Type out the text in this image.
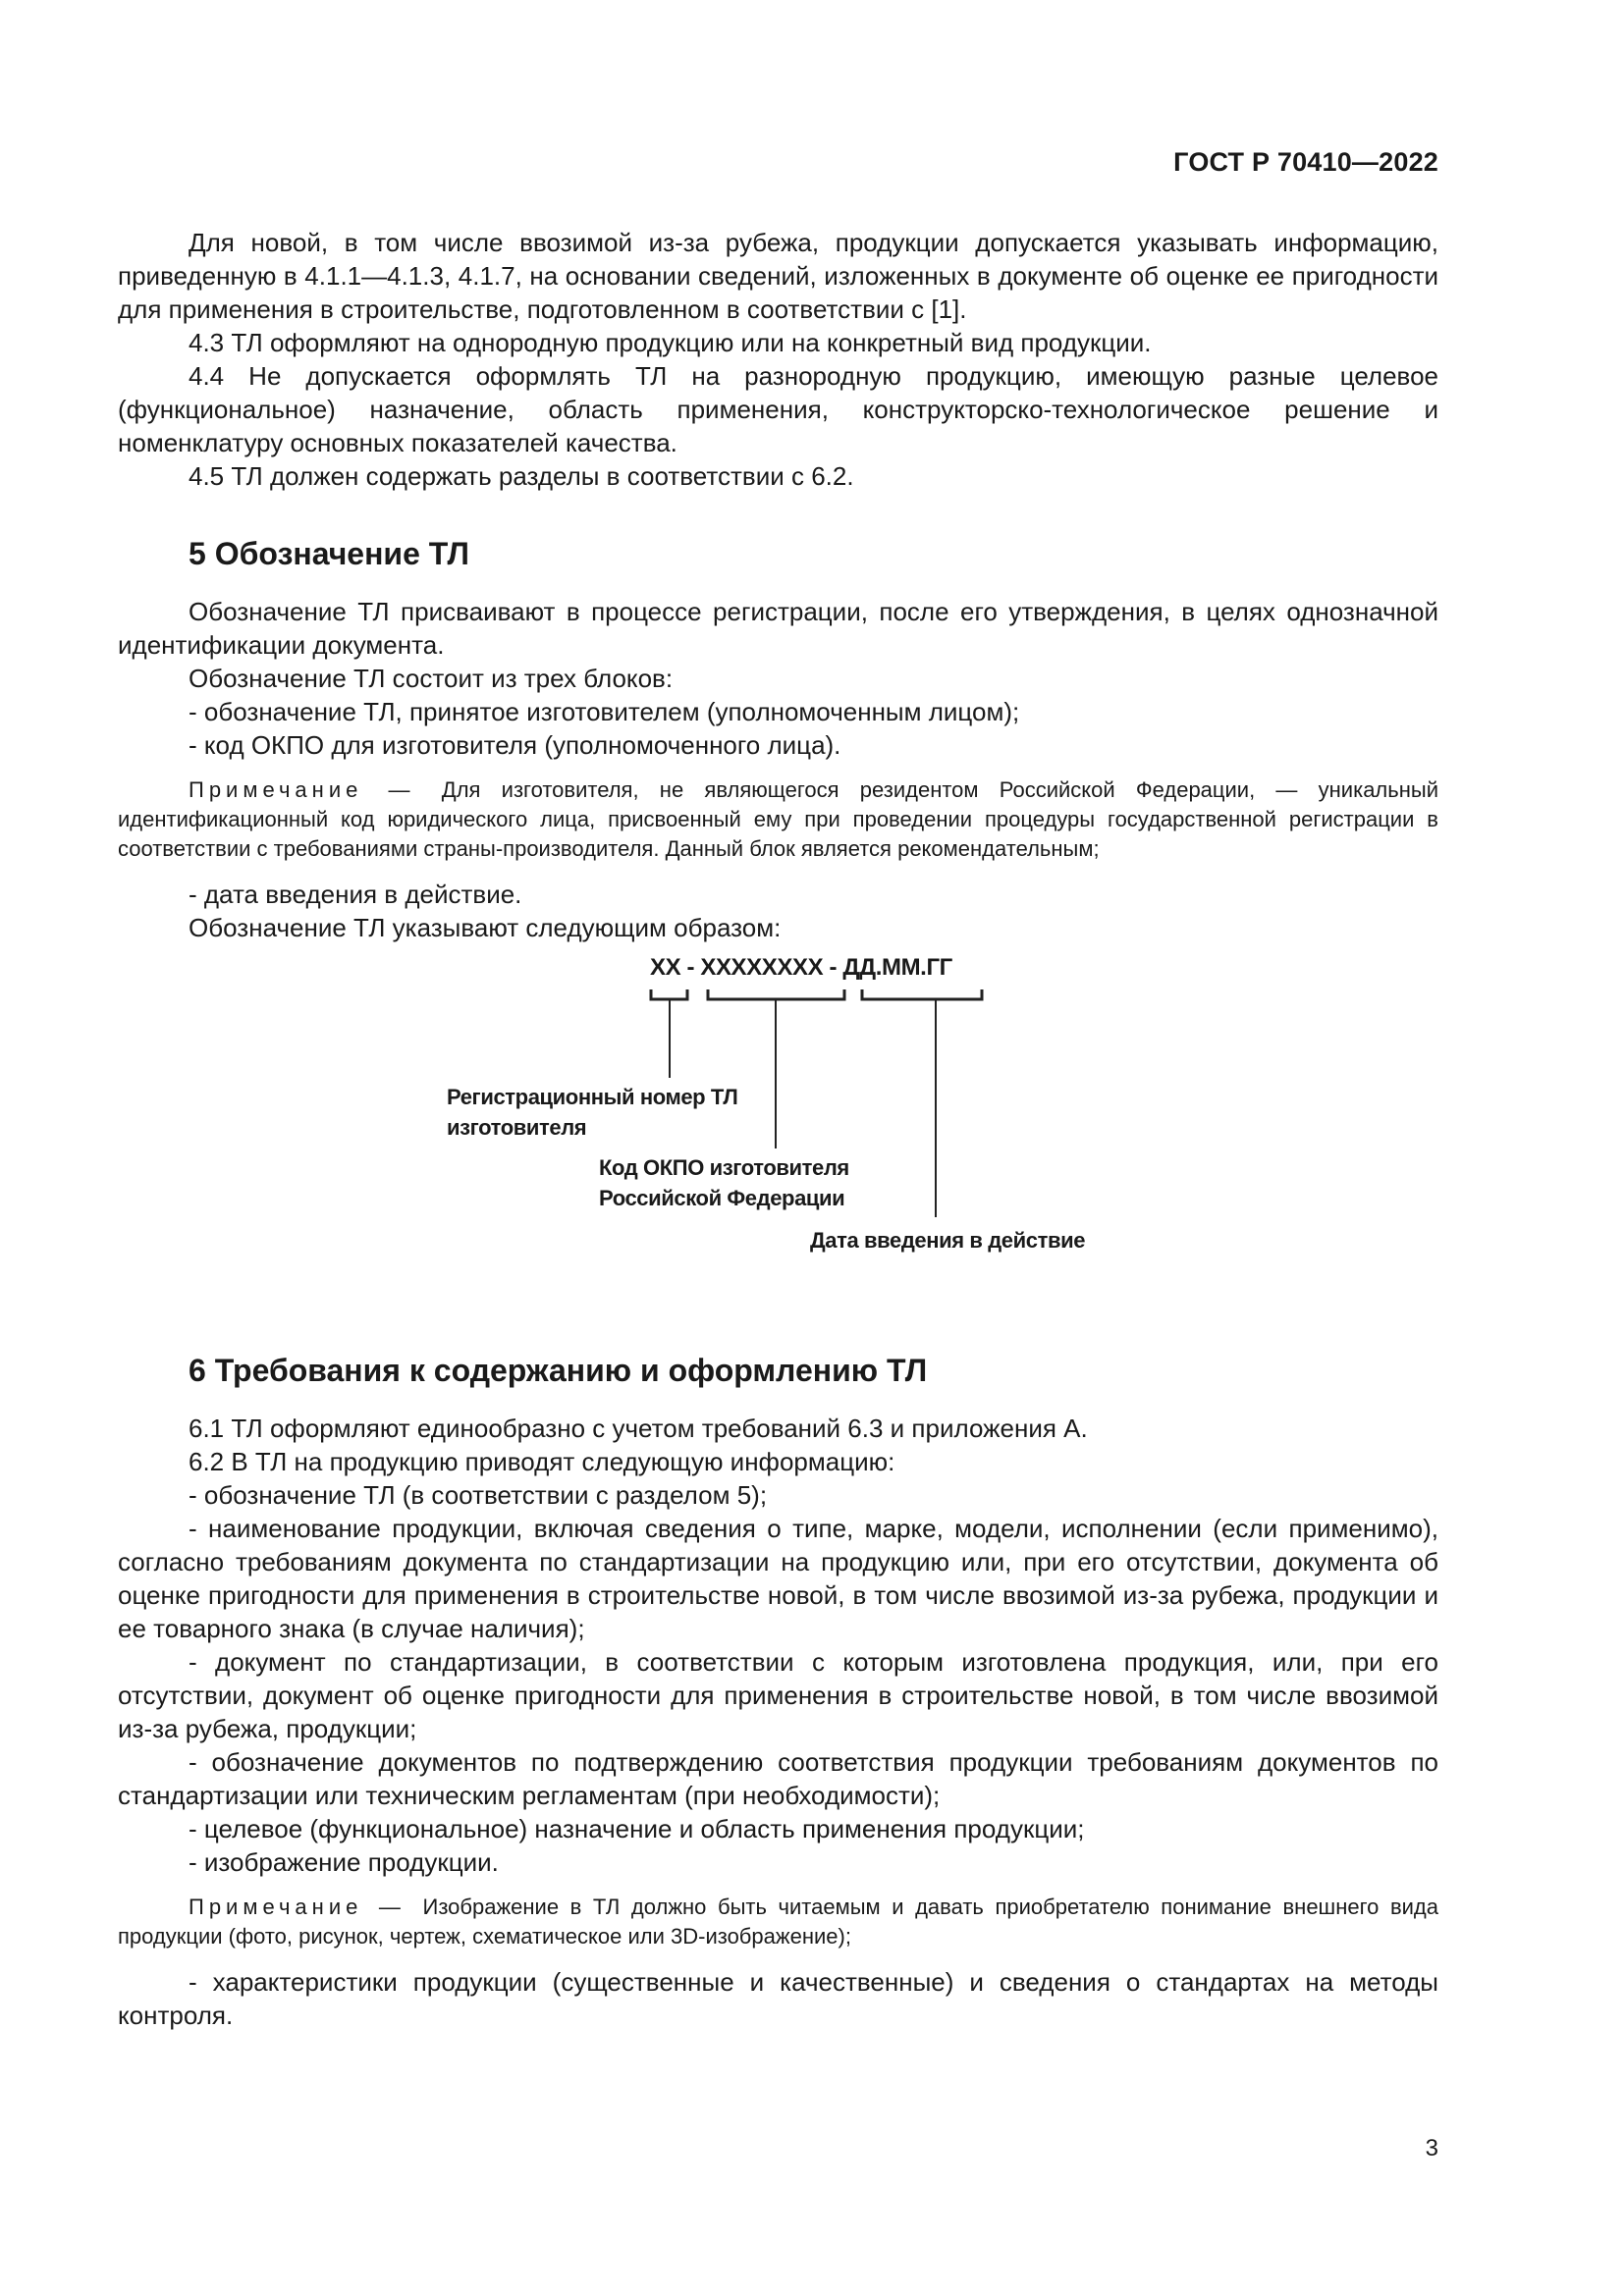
ГОСТ Р 70410—2022

Для новой, в том числе ввозимой из-за рубежа, продукции допускается указывать информацию, приведенную в 4.1.1—4.1.3, 4.1.7, на основании сведений, изложенных в документе об оценке ее пригодности для применения в строительстве, подготовленном в соответствии с [1].

4.3 ТЛ оформляют на однородную продукцию или на конкретный вид продукции.

4.4 Не допускается оформлять ТЛ на разнородную продукцию, имеющую разные целевое (функциональное) назначение, область применения, конструкторско-технологическое решение и номенклатуру основных показателей качества.

4.5 ТЛ должен содержать разделы в соответствии с 6.2.

5 Обозначение ТЛ

Обозначение ТЛ присваивают в процессе регистрации, после его утверждения, в целях однозначной идентификации документа.

Обозначение ТЛ состоит из трех блоков:

- обозначение ТЛ, принятое изготовителем (уполномоченным лицом);

- код ОКПО для изготовителя (уполномоченного лица).

Примечание — Для изготовителя, не являющегося резидентом Российской Федерации, — уникальный идентификационный код юридического лица, присвоенный ему при проведении процедуры государственной регистрации в соответствии с требованиями страны-производителя. Данный блок является рекомендательным;

- дата введения в действие.

Обозначение ТЛ указывают следующим образом:

XX - XXXXXXXX - ДД.ММ.ГГ
Регистрационный номер ТЛ
изготовителя
Код ОКПО изготовителя
Российской Федерации
Дата введения в действие
6 Требования к содержанию и оформлению ТЛ

6.1 ТЛ оформляют единообразно с учетом требований 6.3 и приложения А.

6.2 В ТЛ на продукцию приводят следующую информацию:

- обозначение ТЛ (в соответствии с разделом 5);

- наименование продукции, включая сведения о типе, марке, модели, исполнении (если применимо), согласно требованиям документа по стандартизации на продукцию или, при его отсутствии, документа об оценке пригодности для применения в строительстве новой, в том числе ввозимой из-за рубежа, продукции и ее товарного знака (в случае наличия);

- документ по стандартизации, в соответствии с которым изготовлена продукция, или, при его отсутствии, документ об оценке пригодности для применения в строительстве новой, в том числе ввозимой из-за рубежа, продукции;

- обозначение документов по подтверждению соответствия продукции требованиям документов по стандартизации или техническим регламентам (при необходимости);

- целевое (функциональное) назначение и область применения продукции;

- изображение продукции.

Примечание — Изображение в ТЛ должно быть читаемым и давать приобретателю понимание внешнего вида продукции (фото, рисунок, чертеж, схематическое или 3D-изображение);

- характеристики продукции (существенные и качественные) и сведения о стандартах на методы контроля.

3
